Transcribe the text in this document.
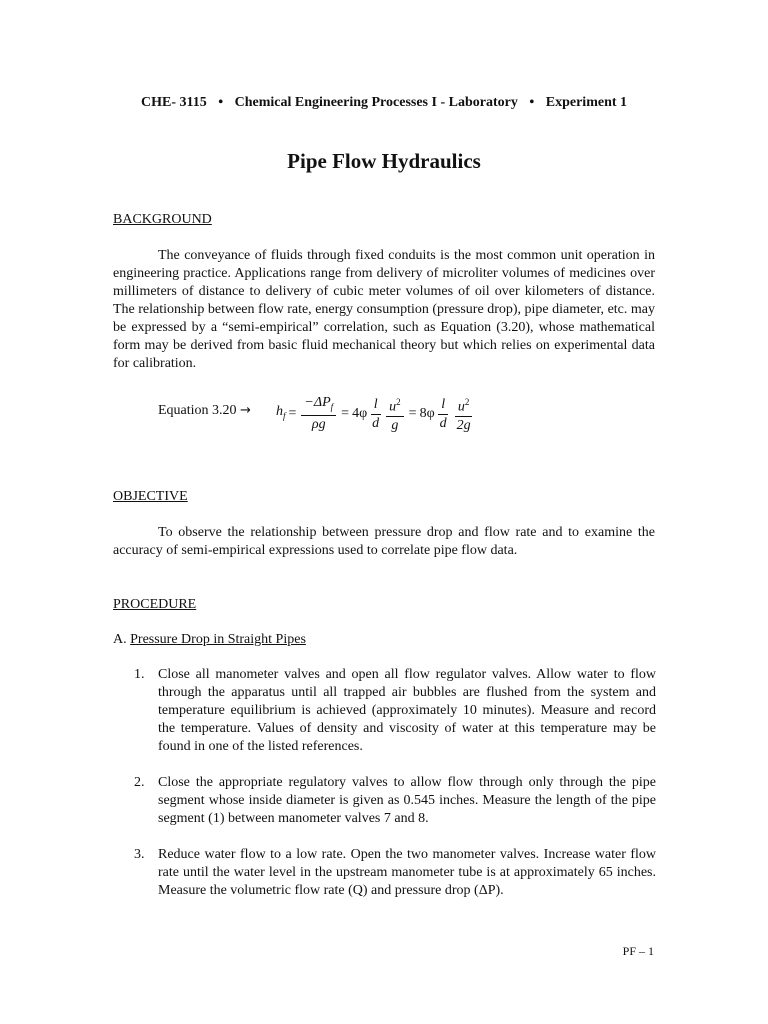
CHE- 3115 • Chemical Engineering Processes I - Laboratory • Experiment 1
Pipe Flow Hydraulics
BACKGROUND

The conveyance of fluids through fixed conduits is the most common unit operation in engineering practice. Applications range from delivery of microliter volumes of medicines over millimeters of distance to delivery of cubic meter volumes of oil over kilometers of distance. The relationship between flow rate, energy consumption (pressure drop), pipe diameter, etc. may be expressed by a “semi-empirical” correlation, such as Equation (3.20), whose mathematical form may be derived from basic fluid mechanical theory but which relies on experimental data for calibration.

Equation $3.20 \to h_f = \frac{-\Delta P_f}{\rho g} = 4\varphi \frac{l}{d} \frac{u^2}{g} = 8\varphi \frac{l}{d} \frac{u^2}{2g}$
OBJECTIVE

To observe the relationship between pressure drop and flow rate and to examine the accuracy of semi-empirical expressions used to correlate pipe flow data.

PROCEDURE
A. Pressure Drop in Straight Pipes
1. Close all manometer valves and open all flow regulator valves. Allow water to flow through the apparatus until all trapped air bubbles are flushed from the system and temperature equilibrium is achieved (approximately 10 minutes). Measure and record the temperature. Values of density and viscosity of water at this temperature may be found in one of the listed references.
2. Close the appropriate regulatory valves to allow flow through only through the pipe segment whose inside diameter is given as 0.545 inches. Measure the length of the pipe segment (1) between manometer valves 7 and 8.
3. Reduce water flow to a low rate. Open the two manometer valves. Increase water flow rate until the water level in the upstream manometer tube is at approximately 65 inches. Measure the volumetric flow rate (Q) and pressure drop (ΔP).
PF – 1
